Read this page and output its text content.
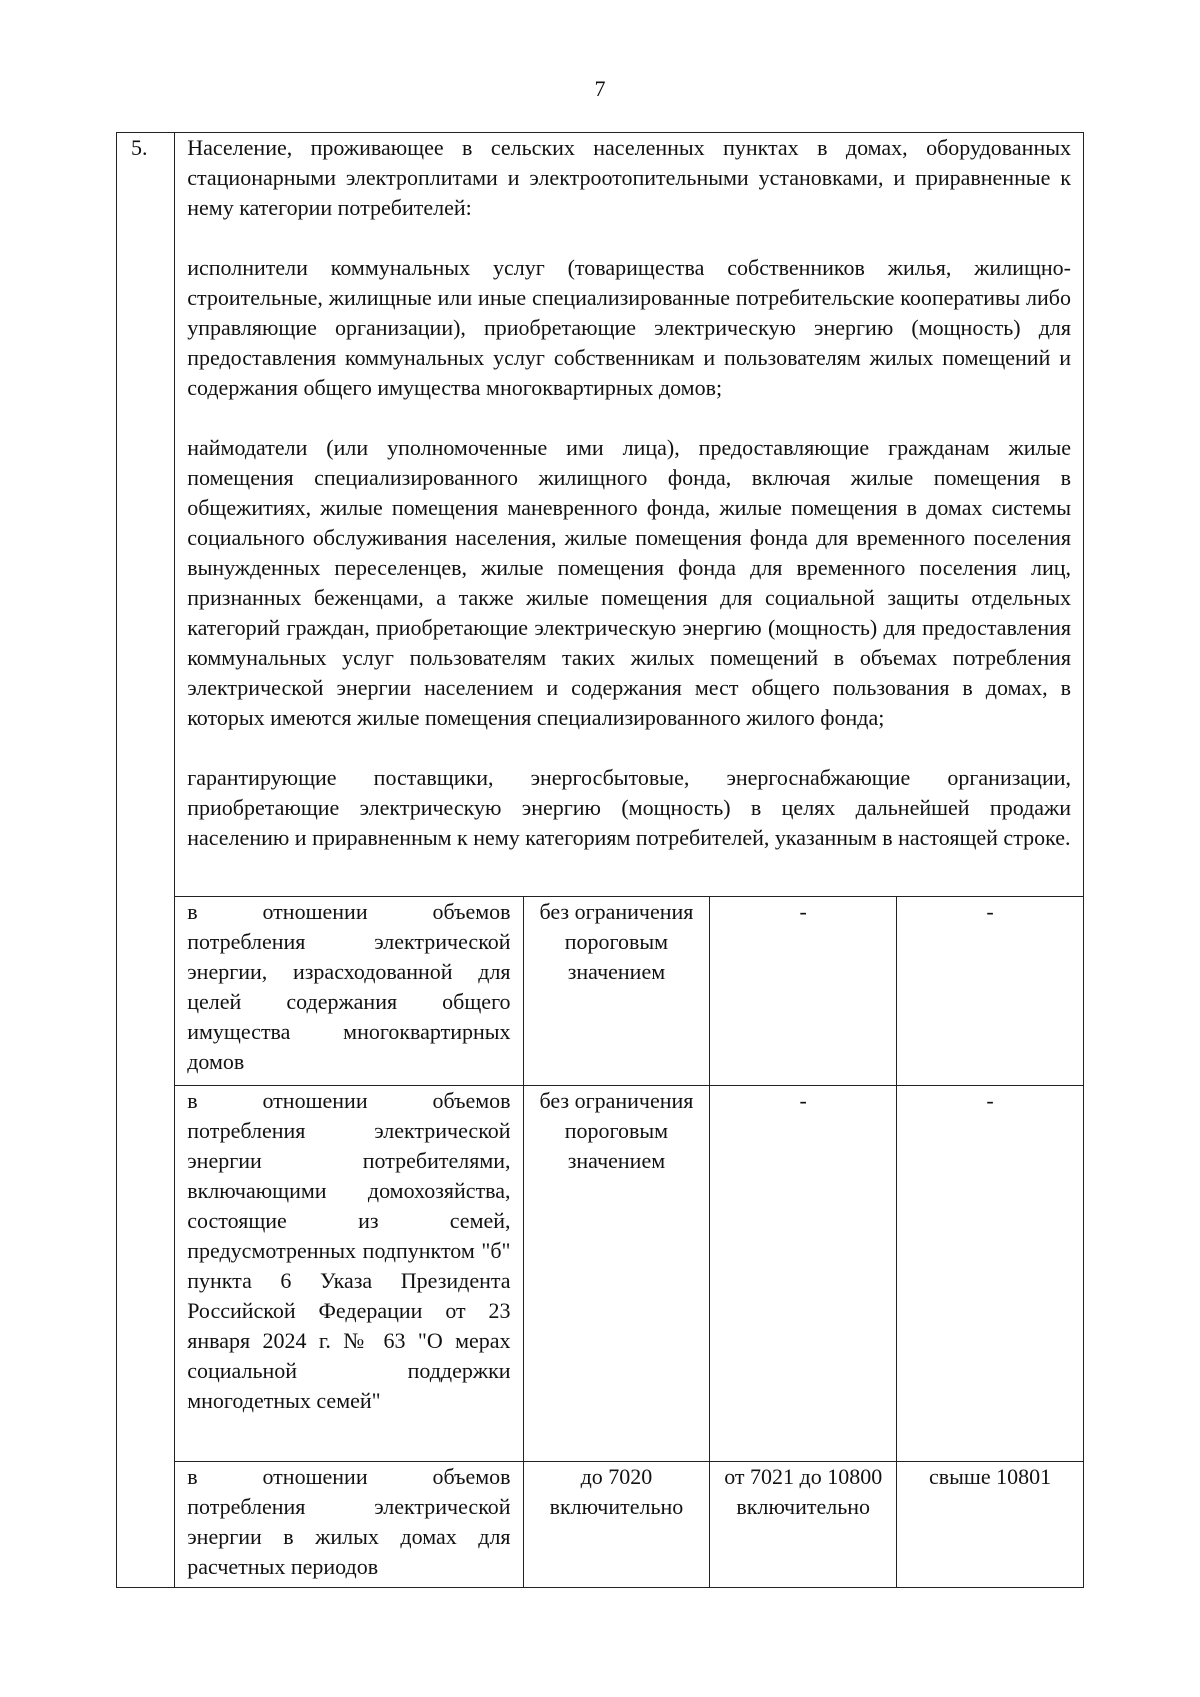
7
5.	Население, проживающее в сельских населенных пунктах в домах, оборудованных стационарными электроплитами и электроотопительными установками, и приравненные к нему категории потребителей:

исполнители коммунальных услуг (товарищества собственников жилья, жилищно-строительные, жилищные или иные специализированные потребительские кооперативы либо управляющие организации), приобретающие электрическую энергию (мощность) для предоставления коммунальных услуг собственникам и пользователям жилых помещений и содержания общего имущества многоквартирных домов;

наймодатели (или уполномоченные ими лица), предоставляющие гражданам жилые помещения специализированного жилищного фонда, включая жилые помещения в общежитиях, жилые помещения маневренного фонда, жилые помещения в домах системы социального обслуживания населения, жилые помещения фонда для временного поселения вынужденных переселенцев, жилые помещения фонда для временного поселения лиц, признанных беженцами, а также жилые помещения для социальной защиты отдельных категорий граждан, приобретающие электрическую энергию (мощность) для предоставления коммунальных услуг пользователям таких жилых помещений в объемах потребления электрической энергии населением и содержания мест общего пользования в домах, в которых имеются жилые помещения специализированного жилого фонда;

гарантирующие поставщики, энергосбытовые, энергоснабжающие организации, приобретающие электрическую энергию (мощность) в целях дальнейшей продажи населению и приравненным к нему категориям потребителей, указанным в настоящей строке.			

	в отношении объемов потребления электрической энергии, израсходованной для целей содержания общего имущества многоквартирных домов	без ограничения пороговым значением	-	-
	в отношении объемов потребления электрической энергии потребителями, включающими домохозяйства, состоящие из семей, предусмотренных подпунктом "б" пункта 6 Указа Президента Российской Федерации от 23 января 2024 г. № 63 "О мерах социальной поддержки многодетных семей"	без ограничения пороговым значением	-	-
	в отношении объемов потребления электрической энергии в жилых домах для расчетных периодов	до 7020 включительно	от 7021 до 10800 включительно	свыше 10801
